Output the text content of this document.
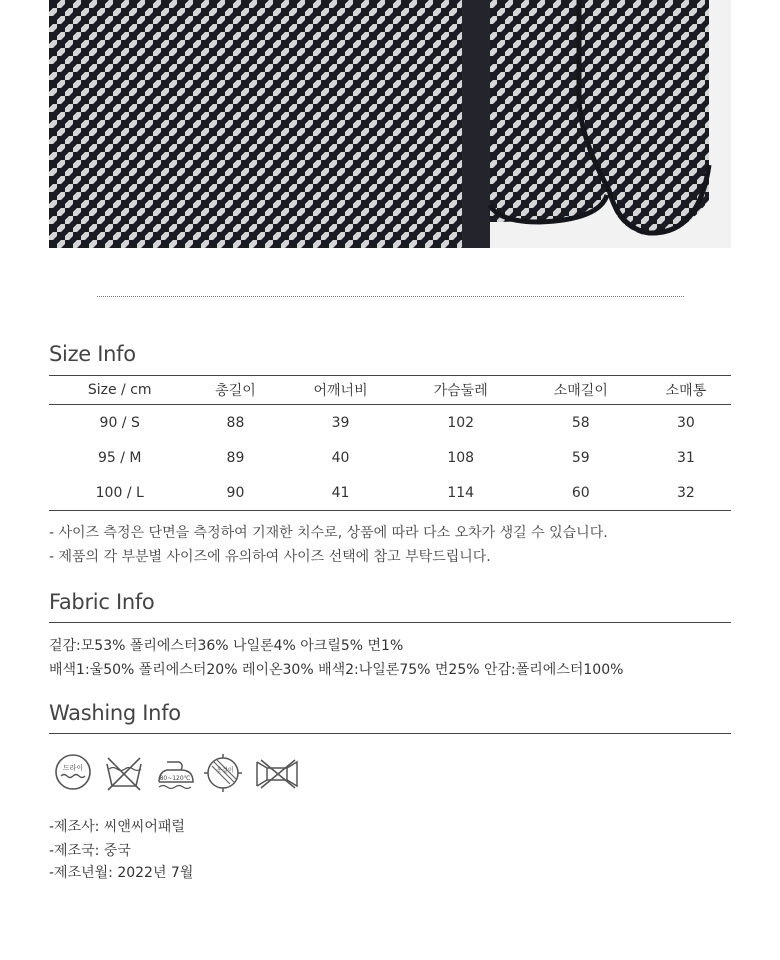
Size Info
Size / cm	총길이	어깨너비	가슴둘레	소매길이	소매통
90 / S	88	39	102	58	30
95 / M	89	40	108	59	31
100 / L	90	41	114	60	32
- 사이즈 측정은 단면을 측정하여 기재한 치수로, 상품에 따라 다소 오차가 생길 수 있습니다.
- 제품의 각 부분별 사이즈에 유의하여 사이즈 선택에 참고 부탁드립니다.
Fabric Info
겉감:모53% 폴리에스터36% 나일론4% 아크릴5% 면1%
배색1:울50% 폴리에스터20% 레이온30% 배색2:나일론75% 면25% 안감:폴리에스터100%
Washing Info
드라이
80~120℃
옷걸이
-제조사: 씨앤씨어패럴
-제조국: 중국
-제조년월: 2022년 7월
